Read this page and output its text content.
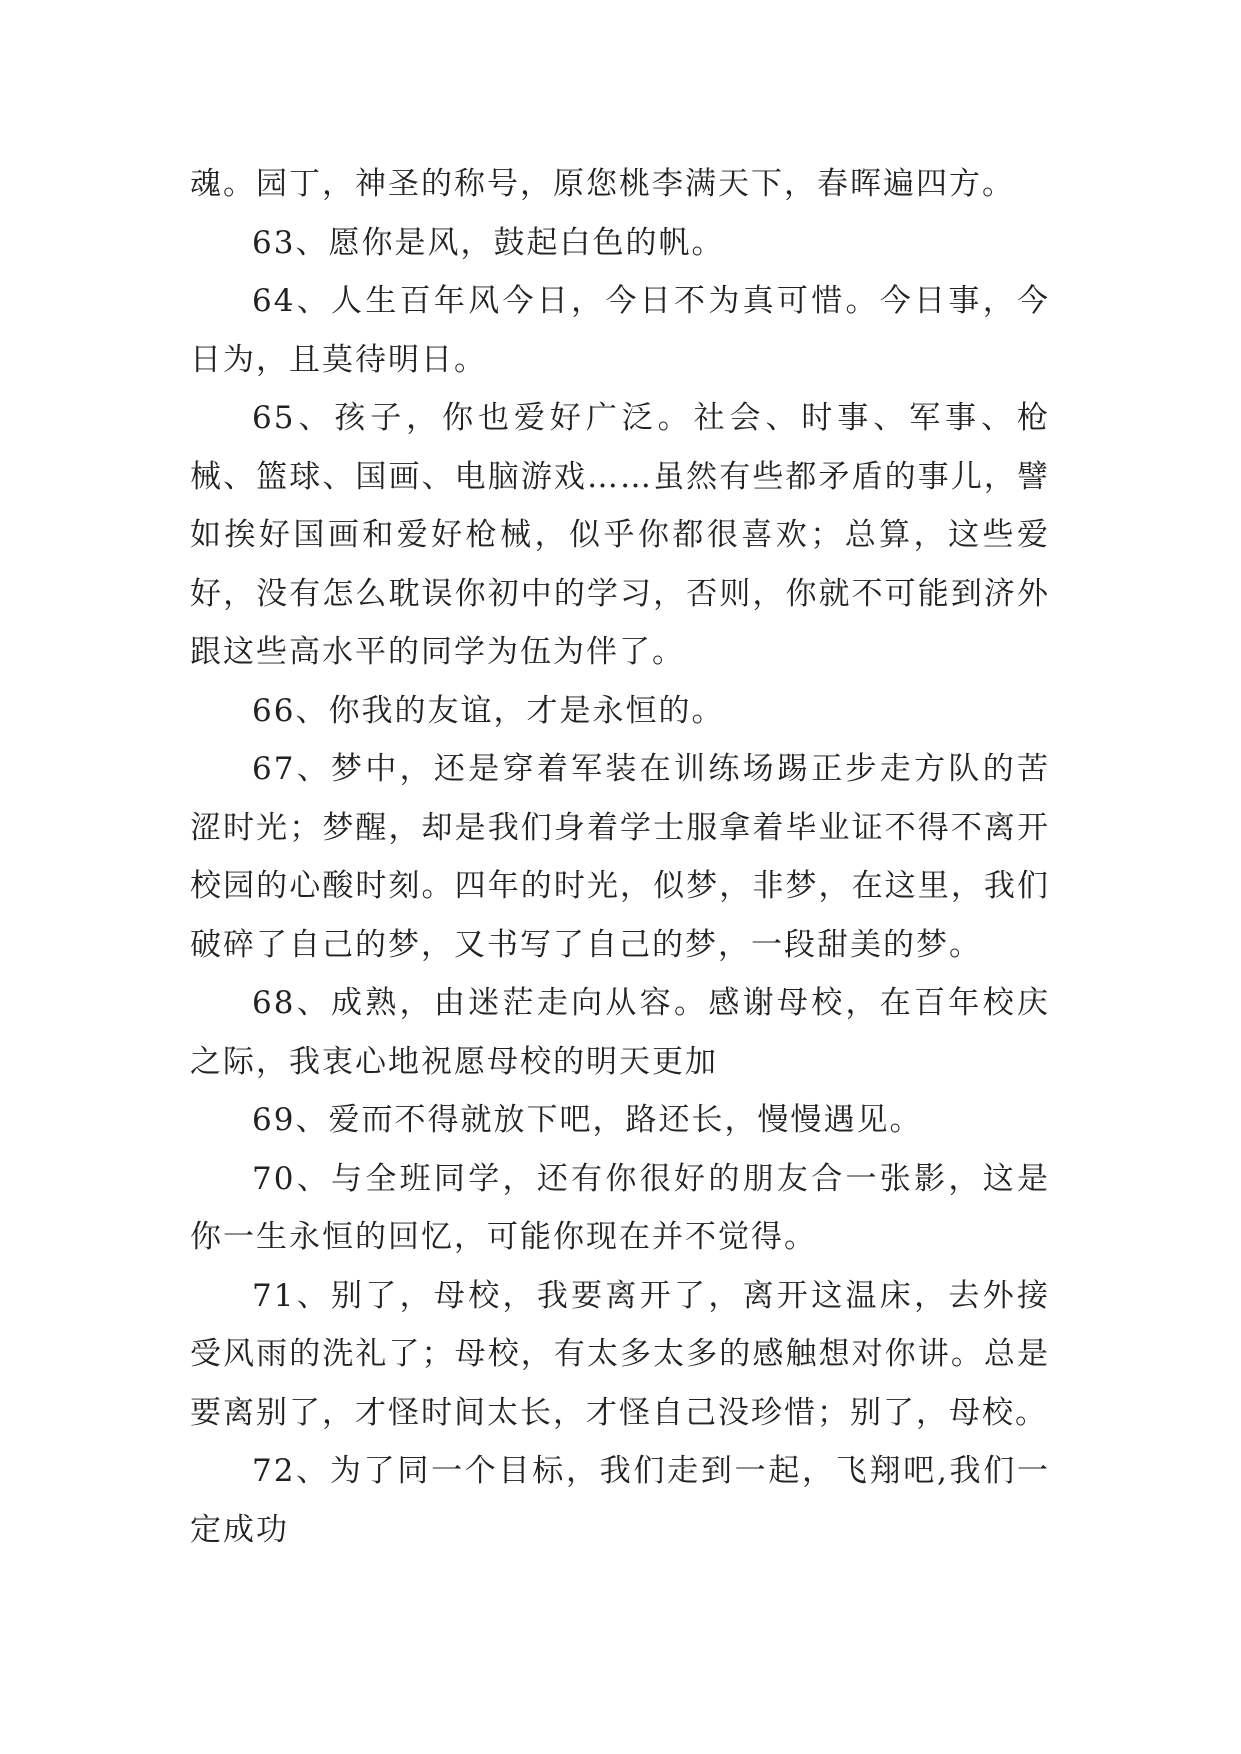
魂。园丁，神圣的称号，原您桃李满天下，春晖遍四方。

63、愿你是风，鼓起白色的帆。

64、人生百年风今日，今日不为真可惜。今日事，今日为，且莫待明日。

65、孩子，你也爱好广泛。社会、时事、军事、枪械、篮球、国画、电脑游戏……虽然有些都矛盾的事儿，譬如挨好国画和爱好枪械，似乎你都很喜欢；总算，这些爱好，没有怎么耽误你初中的学习，否则，你就不可能到济外跟这些高水平的同学为伍为伴了。

66、你我的友谊，才是永恒的。

67、梦中，还是穿着军装在训练场踢正步走方队的苦涩时光；梦醒，却是我们身着学士服拿着毕业证不得不离开校园的心酸时刻。四年的时光，似梦，非梦，在这里，我们破碎了自己的梦，又书写了自己的梦，一段甜美的梦。

68、成熟，由迷茫走向从容。感谢母校，在百年校庆之际，我衷心地祝愿母校的明天更加

69、爱而不得就放下吧，路还长，慢慢遇见。

70、与全班同学，还有你很好的朋友合一张影，这是你一生永恒的回忆，可能你现在并不觉得。

71、别了，母校，我要离开了，离开这温床，去外接受风雨的洗礼了；母校，有太多太多的感触想对你讲。总是要离别了，才怪时间太长，才怪自己没珍惜；别了，母校。

72、为了同一个目标，我们走到一起，飞翔吧,我们一定成功
